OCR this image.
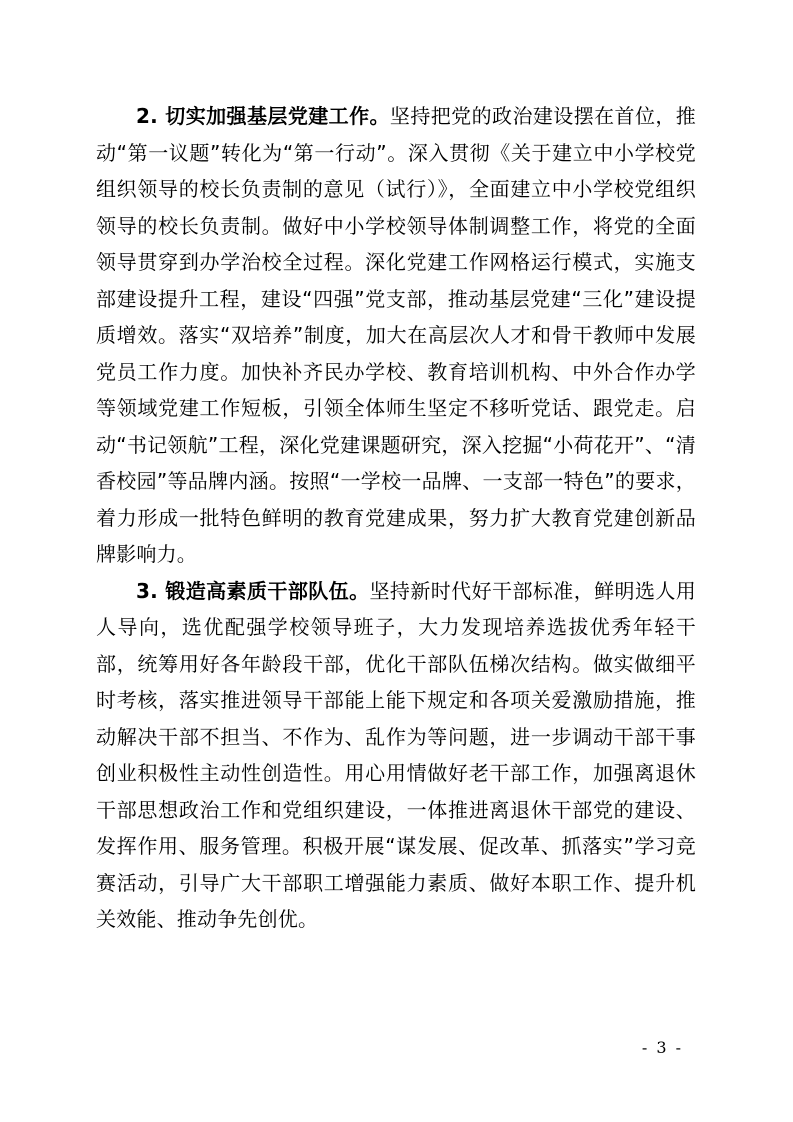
2. 切实加强基层党建工作。坚持把党的政治建设摆在首位，推动“第一议题”转化为“第一行动”。深入贯彻《关于建立中小学校党组织领导的校长负责制的意见（试行）》，全面建立中小学校党组织领导的校长负责制。做好中小学校领导体制调整工作，将党的全面领导贯穿到办学治校全过程。深化党建工作网格运行模式，实施支部建设提升工程，建设“四强”党支部，推动基层党建“三化”建设提质增效。落实“双培养”制度，加大在高层次人才和骨干教师中发展党员工作力度。加快补齐民办学校、教育培训机构、中外合作办学等领域党建工作短板，引领全体师生坚定不移听党话、跟党走。启动“书记领航”工程，深化党建课题研究，深入挖掘“小荷花开”、“清香校园”等品牌内涵。按照“一学校一品牌、一支部一特色”的要求，着力形成一批特色鲜明的教育党建成果，努力扩大教育党建创新品牌影响力。

3. 锻造高素质干部队伍。坚持新时代好干部标准，鲜明选人用人导向，选优配强学校领导班子，大力发现培养选拔优秀年轻干部，统筹用好各年龄段干部，优化干部队伍梯次结构。做实做细平时考核，落实推进领导干部能上能下规定和各项关爱激励措施，推动解决干部不担当、不作为、乱作为等问题，进一步调动干部干事创业积极性主动性创造性。用心用情做好老干部工作，加强离退休干部思想政治工作和党组织建设，一体推进离退休干部党的建设、发挥作用、服务管理。积极开展“谋发展、促改革、抓落实”学习竞赛活动，引导广大干部职工增强能力素质、做好本职工作、提升机关效能、推动争先创优。

- 3 -
